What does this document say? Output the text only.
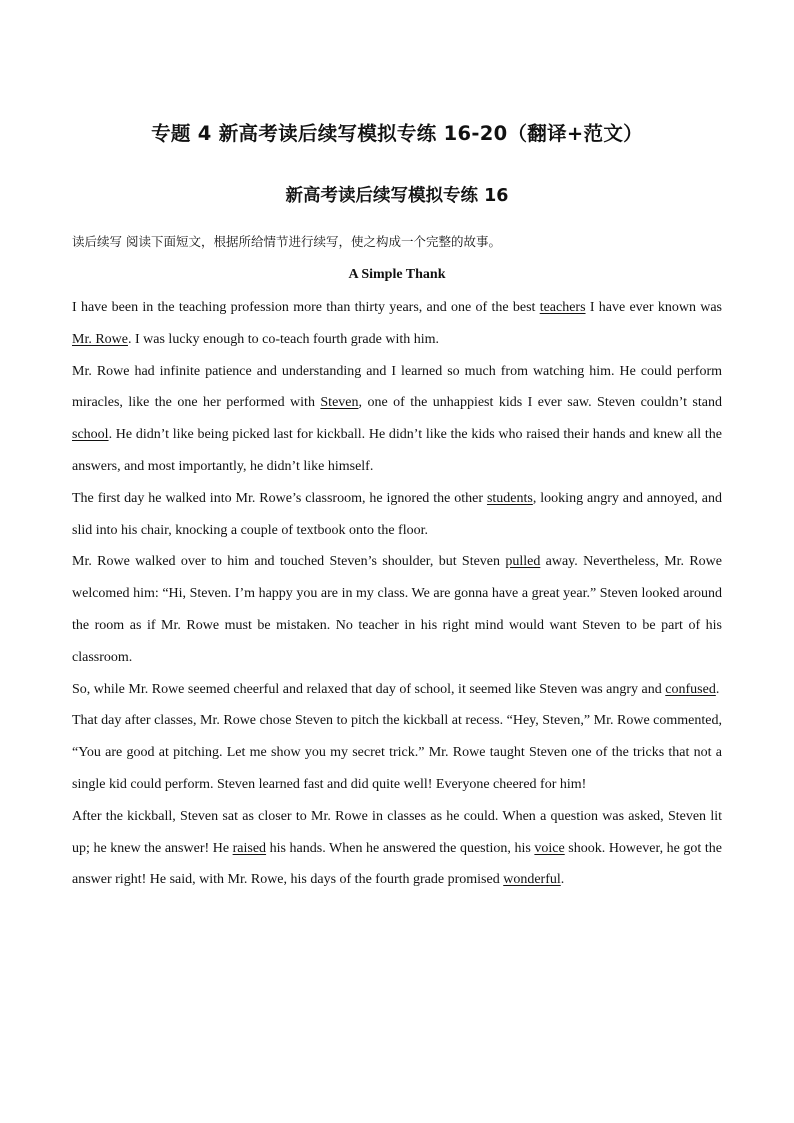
专题 4 新高考读后续写模拟专练 16-20（翻译+范文）
新高考读后续写模拟专练 16
读后续写 阅读下面短文，根据所给情节进行续写，使之构成一个完整的故事。
A Simple Thank

I have been in the teaching profession more than thirty years, and one of the best teachers I have ever known was Mr. Rowe. I was lucky enough to co-teach fourth grade with him.

Mr. Rowe had infinite patience and understanding and I learned so much from watching him. He could perform miracles, like the one her performed with Steven, one of the unhappiest kids I ever saw. Steven couldn’t stand school. He didn’t like being picked last for kickball. He didn’t like the kids who raised their hands and knew all the answers, and most importantly, he didn’t like himself.

The first day he walked into Mr. Rowe’s classroom, he ignored the other students, looking angry and annoyed, and slid into his chair, knocking a couple of textbook onto the floor.

Mr. Rowe walked over to him and touched Steven’s shoulder, but Steven pulled away. Nevertheless, Mr. Rowe welcomed him: “Hi, Steven. I’m happy you are in my class. We are gonna have a great year.” Steven looked around the room as if Mr. Rowe must be mistaken. No teacher in his right mind would want Steven to be part of his classroom.

So, while Mr. Rowe seemed cheerful and relaxed that day of school, it seemed like Steven was angry and confused.

That day after classes, Mr. Rowe chose Steven to pitch the kickball at recess. “Hey, Steven,” Mr. Rowe commented, “You are good at pitching. Let me show you my secret trick.” Mr. Rowe taught Steven one of the tricks that not a single kid could perform. Steven learned fast and did quite well! Everyone cheered for him!

After the kickball, Steven sat as closer to Mr. Rowe in classes as he could. When a question was asked, Steven lit up; he knew the answer! He raised his hands. When he answered the question, his voice shook. However, he got the answer right! He said, with Mr. Rowe, his days of the fourth grade promised wonderful.
